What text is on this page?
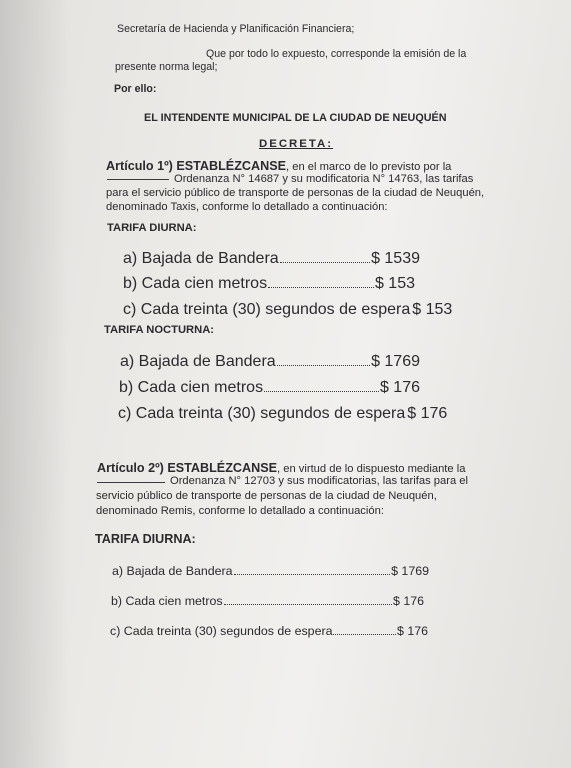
Secretaría de Hacienda y Planificación Financiera;
Que por todo lo expuesto, corresponde la emisión de la
presente norma legal;
Por ello:
EL INTENDENTE MUNICIPAL DE LA CIUDAD DE NEUQUÉN
DECRETA:
Artículo 1º) ESTABLÉZCANSE, en el marco de lo previsto por la
Ordenanza N° 14687 y su modificatoria N° 14763, las tarifas
para el servicio público de transporte de personas de la ciudad de Neuquén,
denominado Taxis, conforme lo detallado a continuación:
TARIFA DIURNA:
a) Bajada de Bandera	$ 1539
b) Cada cien metros	$ 153
c) Cada treinta (30) segundos de espera $ 153
TARIFA NOCTURNA:
a) Bajada de Bandera	$ 1769
b) Cada cien metros	$ 176
c) Cada treinta (30) segundos de espera $ 176
Artículo 2º) ESTABLÉZCANSE, en virtud de lo dispuesto mediante la
Ordenanza N° 12703 y sus modificatorias, las tarifas para el
servicio público de transporte de personas de la ciudad de Neuquén,
denominado Remis, conforme lo detallado a continuación:
TARIFA DIURNA:
a) Bajada de Bandera	$ 1769
b) Cada cien metros	$ 176
c) Cada treinta (30) segundos de espera	$ 176
